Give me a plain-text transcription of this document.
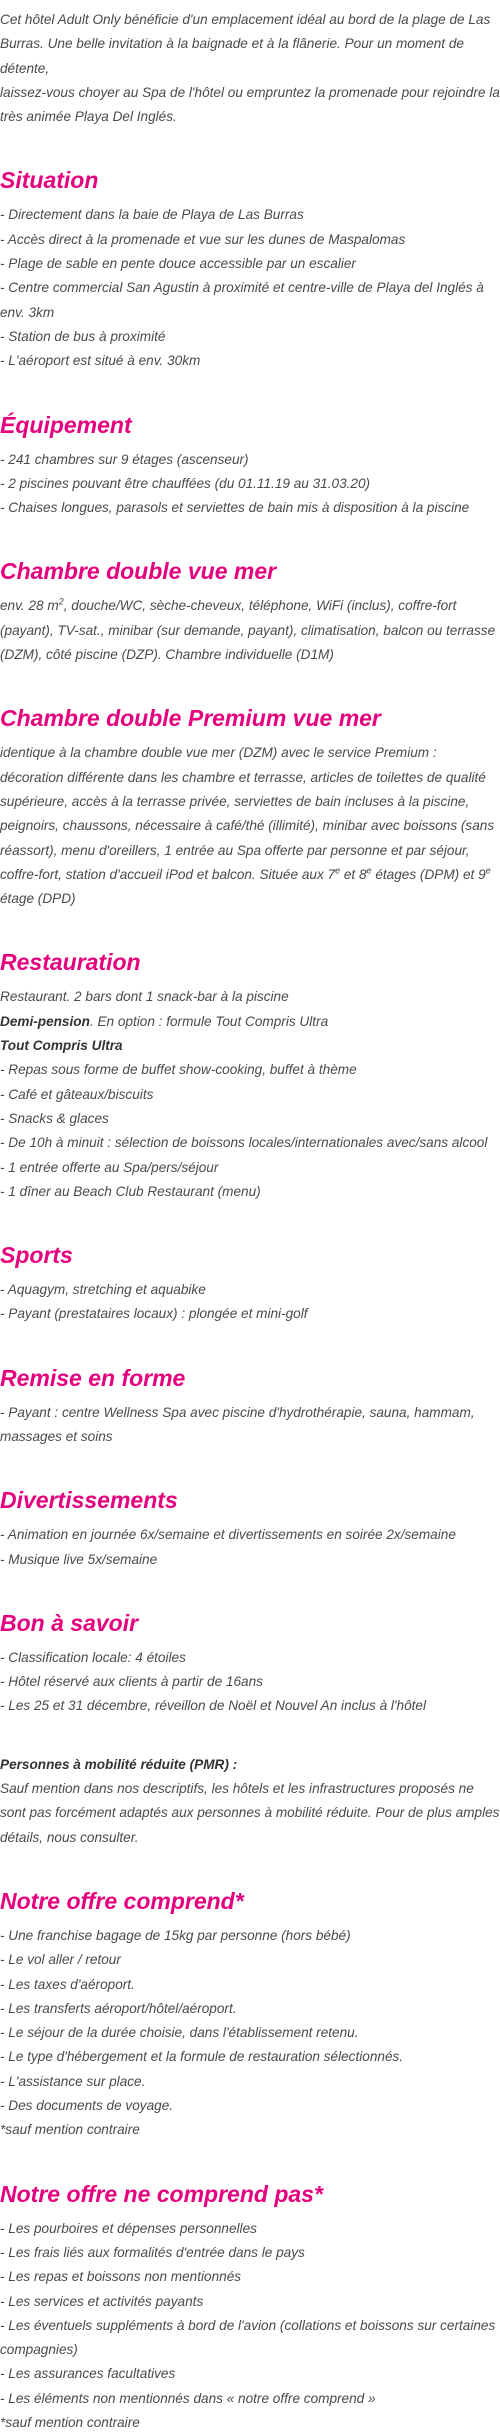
Cet hôtel Adult Only bénéficie d'un emplacement idéal au bord de la plage de Las Burras. Une belle invitation à la baignade et à la flânerie. Pour un moment de détente,

laissez-vous choyer au Spa de l'hôtel ou empruntez la promenade pour rejoindre la très animée Playa Del Inglés.

Situation
- Directement dans la baie de Playa de Las Burras
- Accès direct à la promenade et vue sur les dunes de Maspalomas
- Plage de sable en pente douce accessible par un escalier
- Centre commercial San Agustin à proximité et centre-ville de Playa del Inglés à env. 3km
- Station de bus à proximité
- L'aéroport est situé à env. 30km
Équipement
- 241 chambres sur 9 étages (ascenseur)
- 2 piscines pouvant être chauffées (du 01.11.19 au 31.03.20)
- Chaises longues, parasols et serviettes de bain mis à disposition à la piscine
Chambre double vue mer

env. 28 $m^2$, douche/WC, sèche-cheveux, téléphone, WiFi (inclus), coffre-fort (payant), TV-sat., minibar (sur demande, payant), climatisation, balcon ou terrasse (DZM), côté piscine (DZP). Chambre individuelle (D1M)

Chambre double Premium vue mer

identique à la chambre double vue mer (DZM) avec le service Premium : décoration différente dans les chambre et terrasse, articles de toilettes de qualité supérieure, accès à la terrasse privée, serviettes de bain incluses à la piscine, peignoirs, chaussons, nécessaire à café/thé (illimité), minibar avec boissons (sans réassort), menu d'oreillers, 1 entrée au Spa offerte par personne et par séjour, coffre-fort, station d'accueil iPod et balcon. Située aux 7e et 8e étages (DPM) et 9e étage (DPD)

Restauration

Restaurant. 2 bars dont 1 snack-bar à la piscine

Demi-pension. En option : formule Tout Compris Ultra

Tout Compris Ultra

- Repas sous forme de buffet show-cooking, buffet à thème
- Café et gâteaux/biscuits
- Snacks & glaces
- De 10h à minuit : sélection de boissons locales/internationales avec/sans alcool
- 1 entrée offerte au Spa/pers/séjour
- 1 dîner au Beach Club Restaurant (menu)
Sports
- Aquagym, stretching et aquabike
- Payant (prestataires locaux) : plongée et mini-golf
Remise en forme
- Payant : centre Wellness Spa avec piscine d'hydrothérapie, sauna, hammam, massages et soins
Divertissements
- Animation en journée 6x/semaine et divertissements en soirée 2x/semaine
- Musique live 5x/semaine
Bon à savoir
- Classification locale: 4 étoiles
- Hôtel réservé aux clients à partir de 16ans
- Les 25 et 31 décembre, réveillon de Noël et Nouvel An inclus à l'hôtel

Personnes à mobilité réduite (PMR) :

Sauf mention dans nos descriptifs, les hôtels et les infrastructures proposés ne sont pas forcément adaptés aux personnes à mobilité réduite. Pour de plus amples détails, nous consulter.

Notre offre comprend*
- Une franchise bagage de 15kg par personne (hors bébé)
- Le vol aller / retour
- Les taxes d'aéroport.
- Les transferts aéroport/hôtel/aéroport.
- Le séjour de la durée choisie, dans l'établissement retenu.
- Le type d'hébergement et la formule de restauration sélectionnés.
- L'assistance sur place.
- Des documents de voyage.

*sauf mention contraire

Notre offre ne comprend pas*
- Les pourboires et dépenses personnelles
- Les frais liés aux formalités d'entrée dans le pays
- Les repas et boissons non mentionnés
- Les services et activités payants
- Les éventuels suppléments à bord de l'avion (collations et boissons sur certaines compagnies)
- Les assurances facultatives
- Les éléments non mentionnés dans « notre offre comprend »

*sauf mention contraire
